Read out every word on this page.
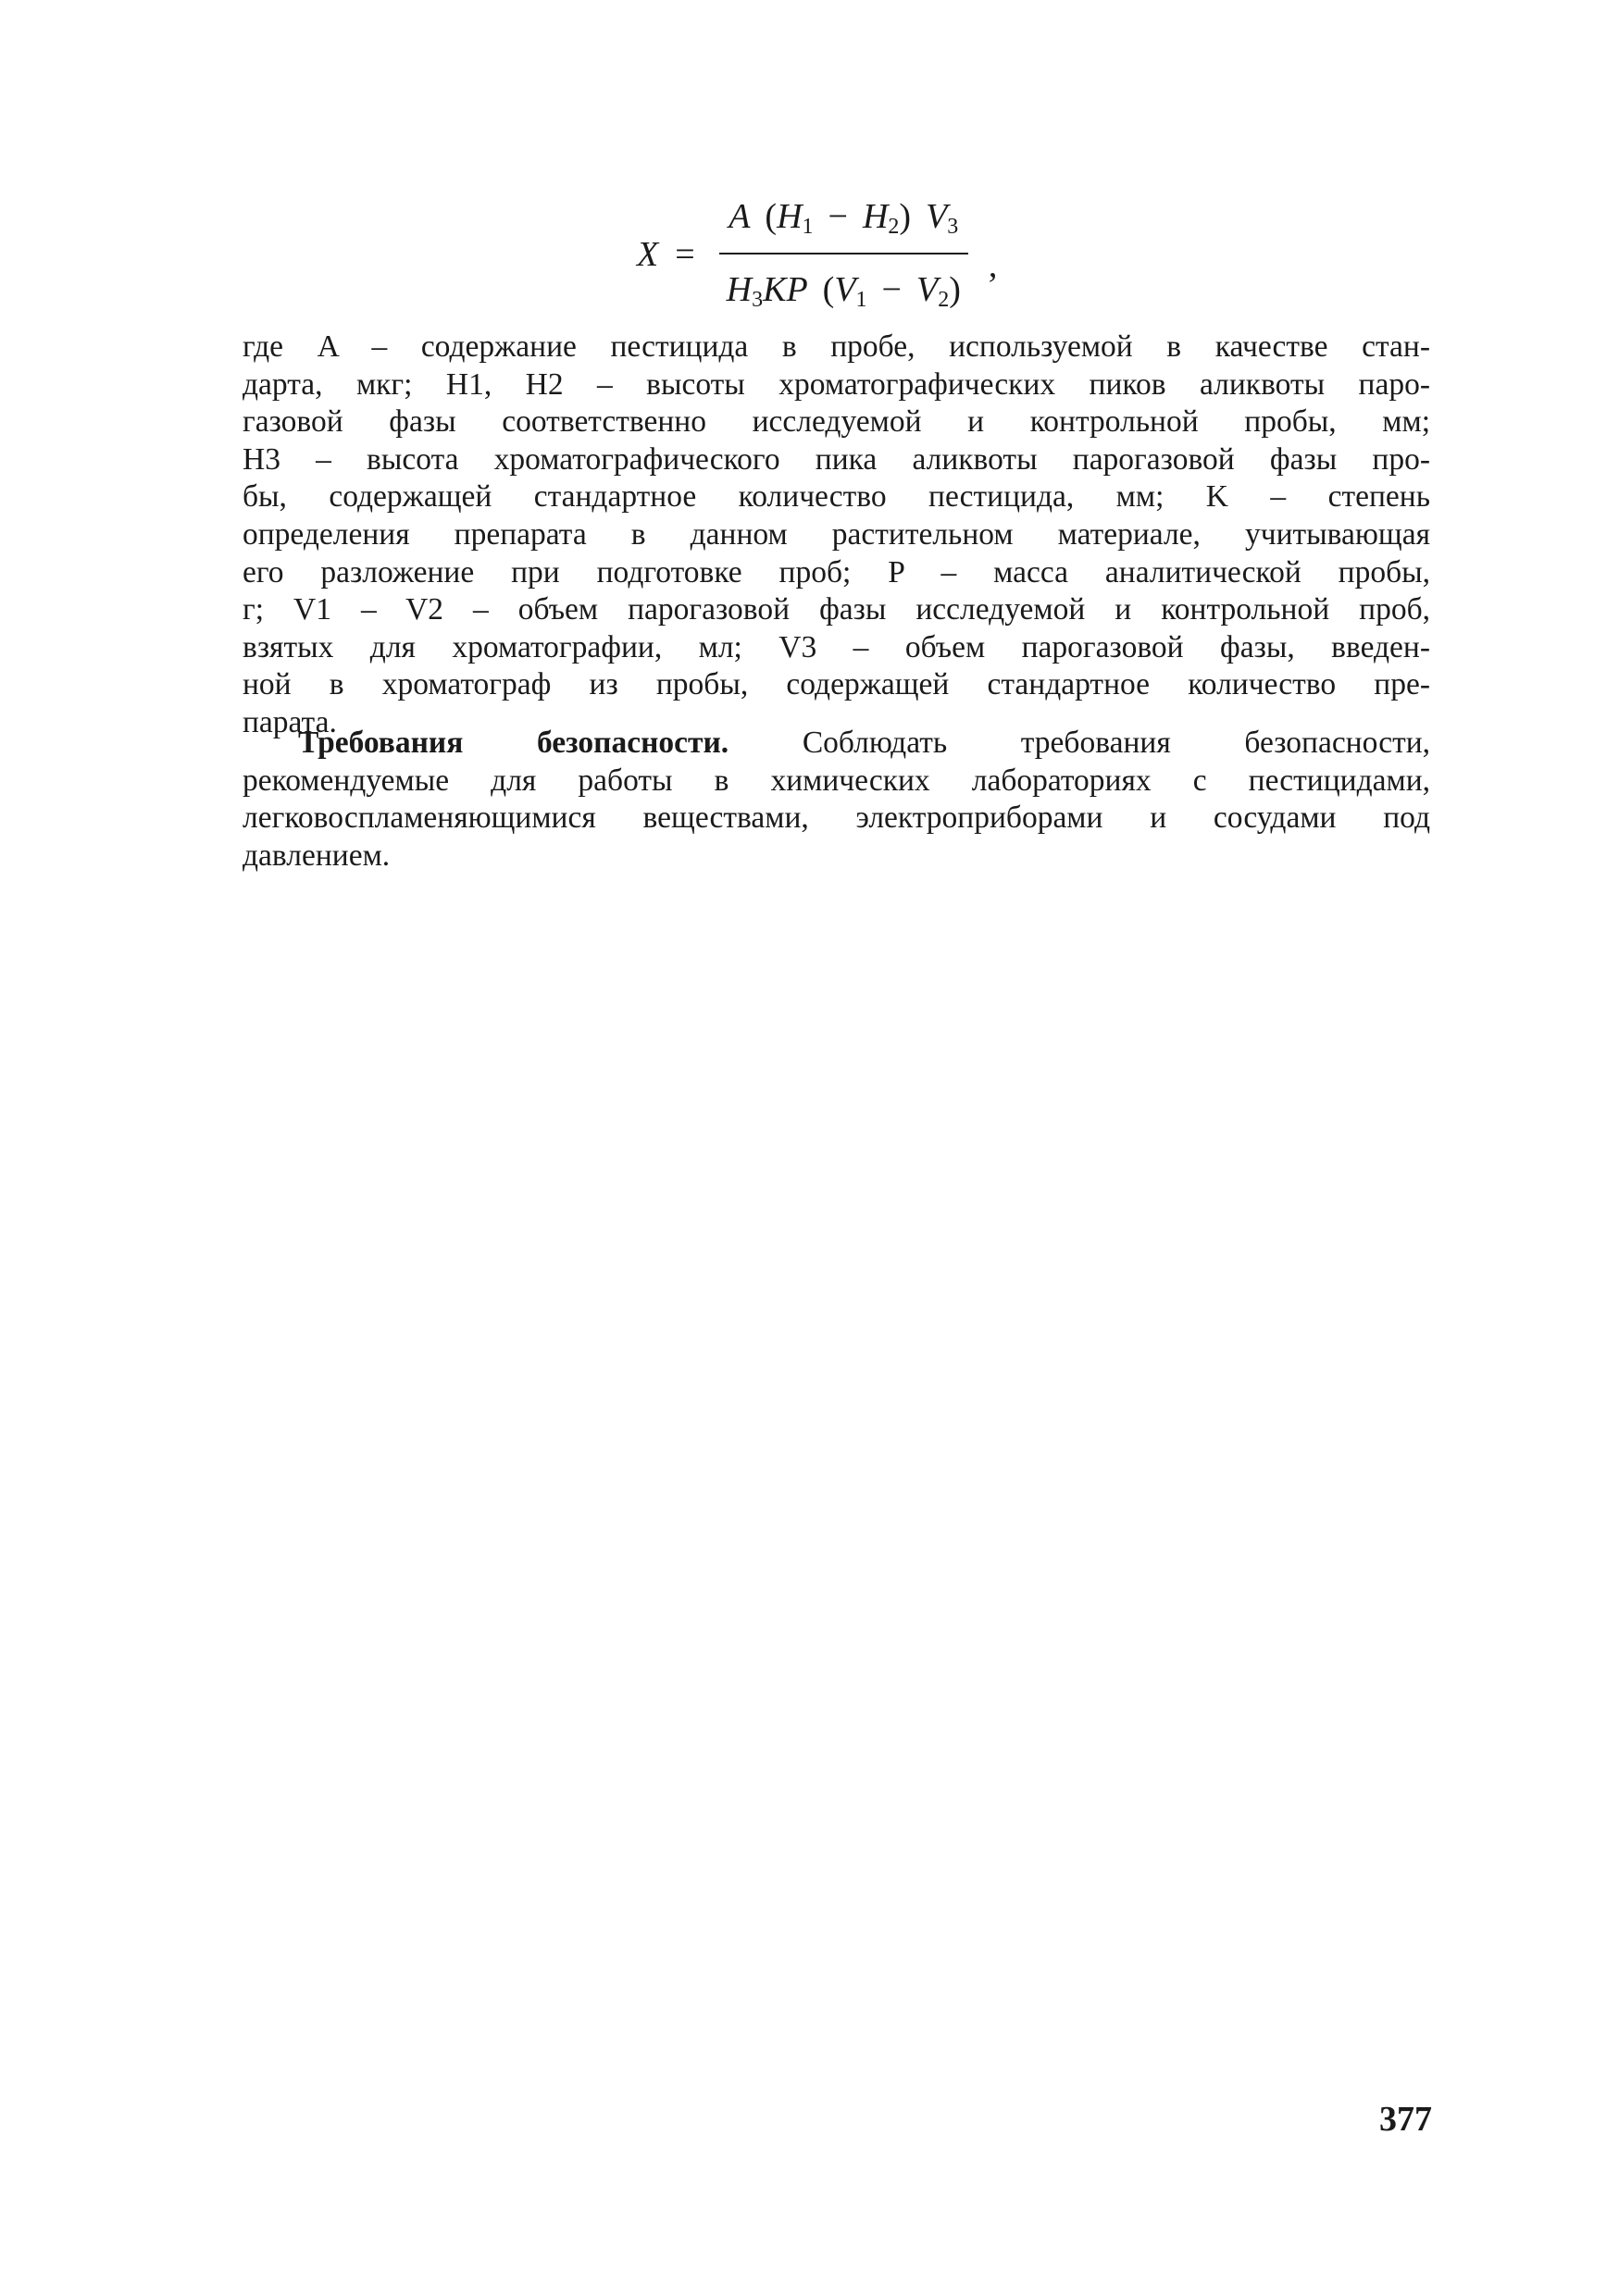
$X = \frac{A (H_1 - H_2) V_3}{H_3KP (V_1 - V_2)}$ ,
где A – содержание пестицида в пробе, используемой в качестве стан-
дарта, мкг; H1, H2 – высоты хроматографических пиков аликвоты паро-
газовой фазы соответственно исследуемой и контрольной пробы, мм;
H3 – высота хроматографического пика аликвоты парогазовой фазы про-
бы, содержащей стандартное количество пестицида, мм; K – степень
определения препарата в данном растительном материале, учитывающая
его разложение при подготовке проб; P – масса аналитической пробы,
г; V1 – V2 – объем парогазовой фазы исследуемой и контрольной проб,
взятых для хроматографии, мл; V3 – объем парогазовой фазы, введен-
ной в хроматограф из пробы, содержащей стандартное количество пре-
парата.
Требования безопасности. Соблюдать требования безопасности,
рекомендуемые для работы в химических лабораториях с пестицидами,
легковоспламеняющимися веществами, электроприборами и сосудами под
давлением.
377
